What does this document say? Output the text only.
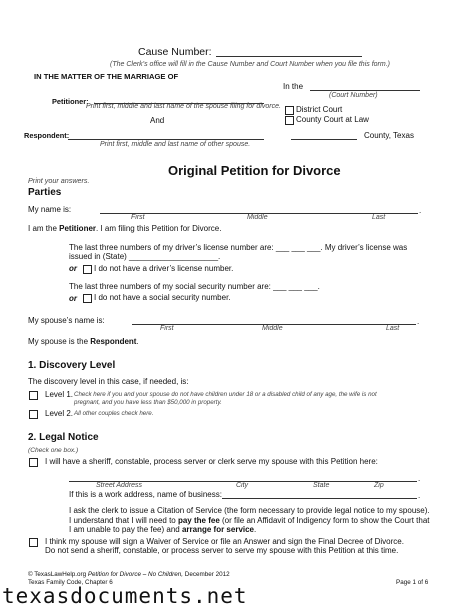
Cause Number:
(The Clerk’s office will fill in the Cause Number and Court Number when you file this form.)
IN THE MATTER OF THE MARRIAGE OF
In the
(Court Number)
Petitioner:
Print first, middle and last name of the spouse filing for divorce. District Court
And	County Court at Law
Respondent:
Print first, middle and last name of other spouse.
County, Texas
Original Petition for Divorce
Print your answers.
Parties
My name is:	.
First	Middle	Last
I am the Petitioner. I am filing this Petition for Divorce.
The last three numbers of my driver’s license number are: ___ ___ ___. My driver’s license was
issued in (State) ____________________.
or I do not have a driver’s license number.
The last three numbers of my social security number are: ___ ___ ___.
or I do not have a social security number.
My spouse’s name is:	.
First	Middle	Last
My spouse is the Respondent.
1. Discovery Level
The discovery level in this case, if needed, is:
Level 1. Check here if you and your spouse do not have children under 18 or a disabled child of any age, the wife is not
pregnant, and you have less than $50,000 in property.
Level 2. All other couples check here.
2. Legal Notice
(Check one box.)
I will have a sheriff, constable, process server or clerk serve my spouse with this Petition here:
.
Street Address	City	State	Zip
If this is a work address, name of business:	.
I ask the clerk to issue a Citation of Service (the form necessary to provide legal notice to my spouse).
I understand that I will need to pay the fee (or file an Affidavit of Indigency form to show the Court that
I am unable to pay the fee) and arrange for service.
I think my spouse will sign a Waiver of Service or file an Answer and sign the Final Decree of Divorce.
Do not send a sheriff, constable, or process server to serve my spouse with this Petition at this time.
© TexasLawHelp.org Petition for Divorce – No Children, December 2012
Texas Family Code, Chapter 6	Page 1 of 6
texasdocuments.net
